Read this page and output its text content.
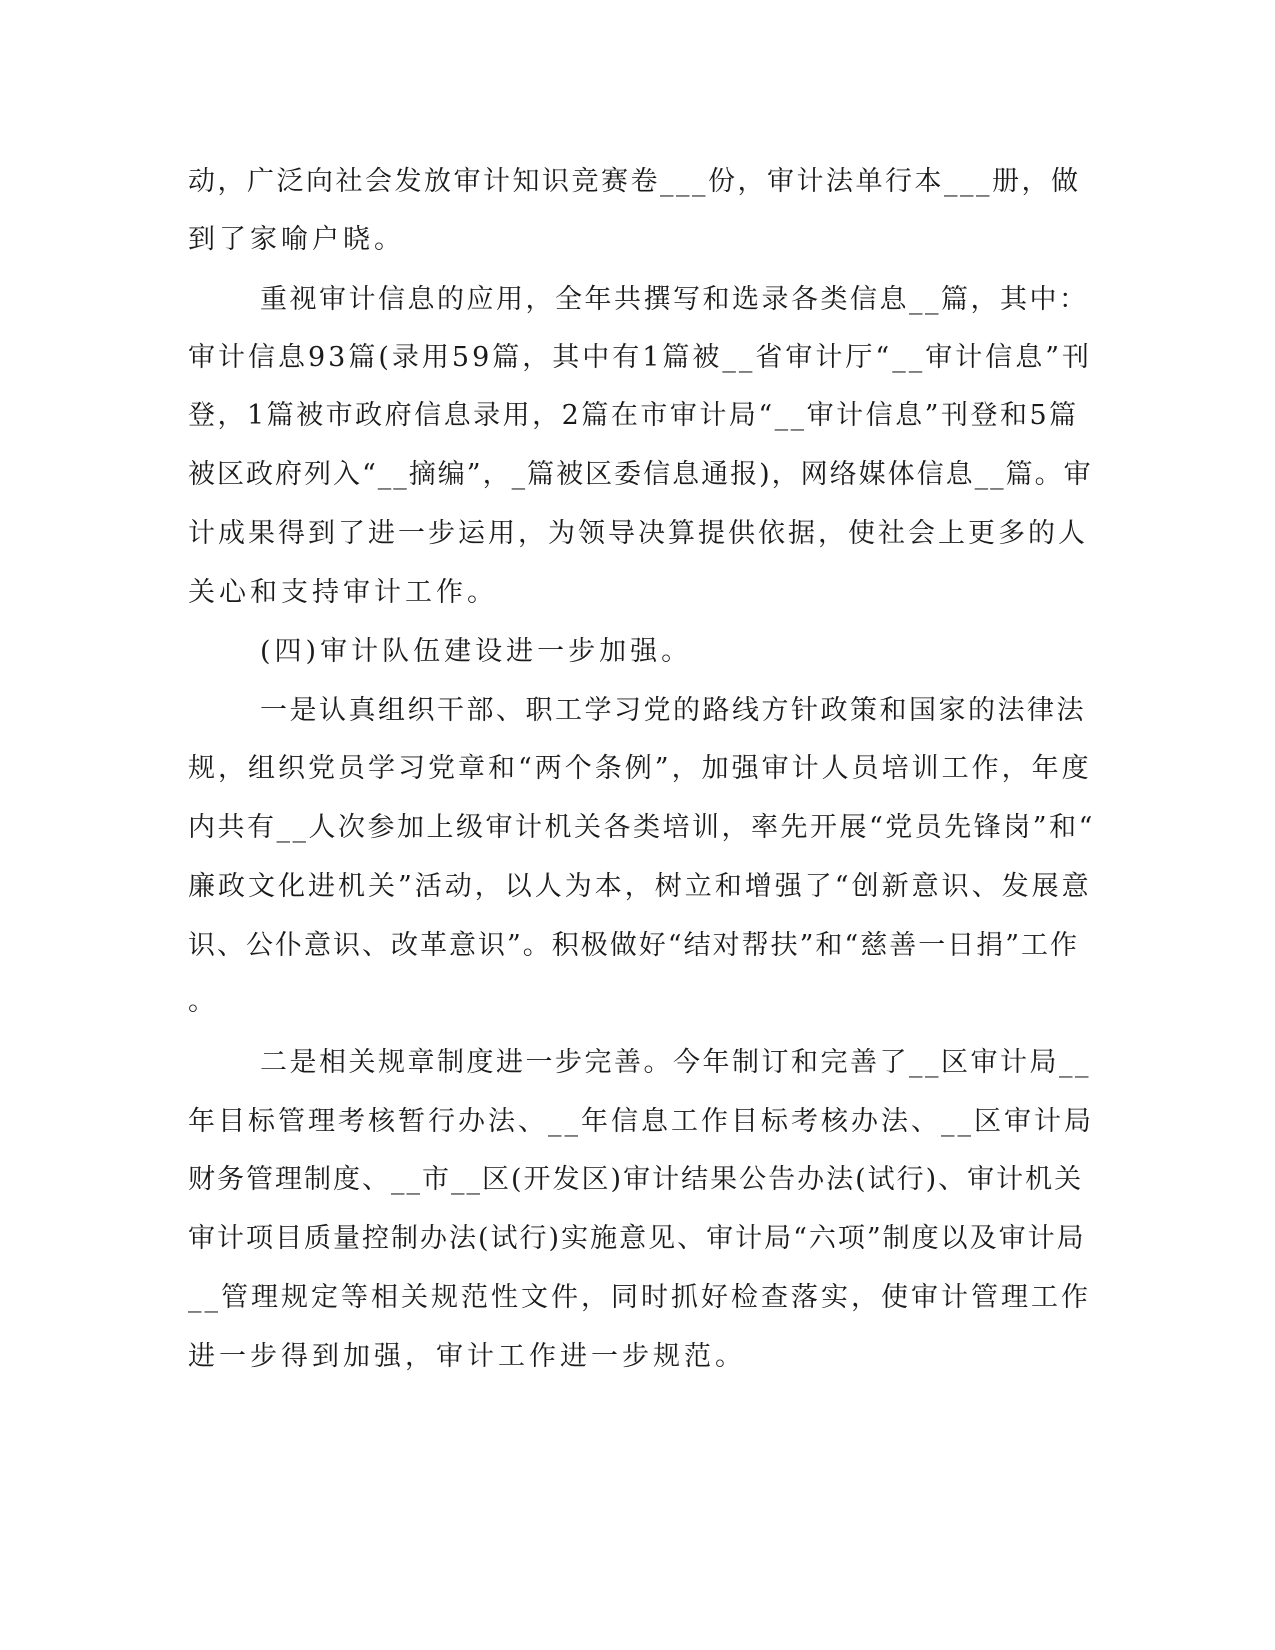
动，广泛向社会发放审计知识竞赛卷___份，审计法单行本___册，做

到了家喻户晓。

重视审计信息的应用，全年共撰写和选录各类信息__篇，其中：

审计信息93篇(录用59篇，其中有1篇被__省审计厅“__审计信息”刊

登，1篇被市政府信息录用，2篇在市审计局“__审计信息”刊登和5篇

被区政府列入“__摘编”，_篇被区委信息通报)，网络媒体信息__篇。审

计成果得到了进一步运用，为领导决算提供依据，使社会上更多的人

关心和支持审计工作。

(四)审计队伍建设进一步加强。

一是认真组织干部、职工学习党的路线方针政策和国家的法律法

规，组织党员学习党章和“两个条例”，加强审计人员培训工作，年度

内共有__人次参加上级审计机关各类培训，率先开展“党员先锋岗”和“

廉政文化进机关”活动，以人为本，树立和增强了“创新意识、发展意

识、公仆意识、改革意识”。积极做好“结对帮扶”和“慈善一日捐”工作

。

二是相关规章制度进一步完善。今年制订和完善了__区审计局__

年目标管理考核暂行办法、__年信息工作目标考核办法、__区审计局

财务管理制度、__市__区(开发区)审计结果公告办法(试行)、审计机关

审计项目质量控制办法(试行)实施意见、审计局“六项”制度以及审计局

__管理规定等相关规范性文件，同时抓好检查落实，使审计管理工作

进一步得到加强，审计工作进一步规范。
